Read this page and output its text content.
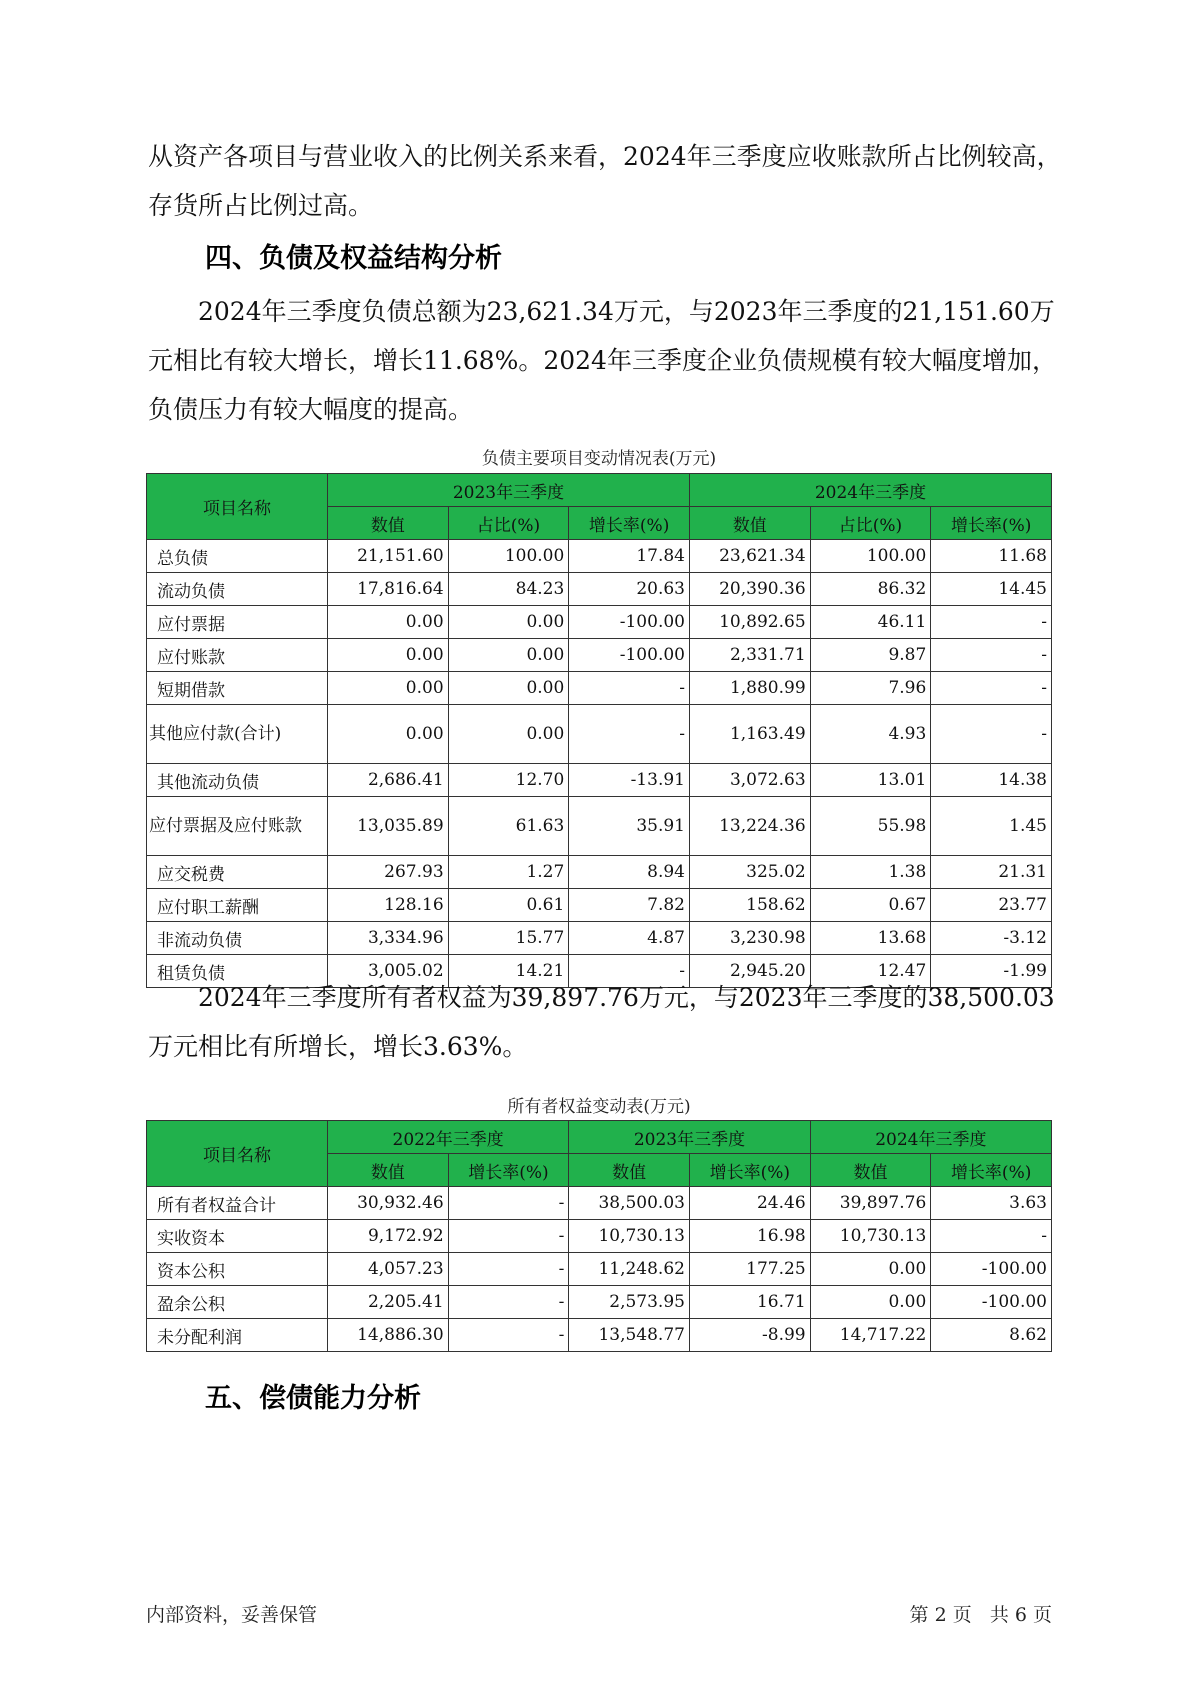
从资产各项目与营业收入的比例关系来看，2024年三季度应收账款所占比例较高，存货所占比例过高。

四、负债及权益结构分析

2024年三季度负债总额为23,621.34万元，与2023年三季度的21,151.60万元相比有较大增长，增长11.68%。2024年三季度企业负债规模有较大幅度增加，负债压力有较大幅度的提高。

负债主要项目变动情况表(万元)
项目名称	2023年三季度			2024年三季度		
	数值	占比(%)	增长率(%)	数值	占比(%)	增长率(%)
总负债	21,151.60	100.00	17.84	23,621.34	100.00	11.68
流动负债	17,816.64	84.23	20.63	20,390.36	86.32	14.45
应付票据	0.00	0.00	-100.00	10,892.65	46.11	-
应付账款	0.00	0.00	-100.00	2,331.71	9.87	-
短期借款	0.00	0.00	-	1,880.99	7.96	-
其他应付款(合计)	0.00	0.00	-	1,163.49	4.93	-
其他流动负债	2,686.41	12.70	-13.91	3,072.63	13.01	14.38
应付票据及应付账款	13,035.89	61.63	35.91	13,224.36	55.98	1.45
应交税费	267.93	1.27	8.94	325.02	1.38	21.31
应付职工薪酬	128.16	0.61	7.82	158.62	0.67	23.77
非流动负债	3,334.96	15.77	4.87	3,230.98	13.68	-3.12
租赁负债	3,005.02	14.21	-	2,945.20	12.47	-1.99

2024年三季度所有者权益为39,897.76万元，与2023年三季度的38,500.03万元相比有所增长，增长3.63%。

所有者权益变动表(万元)
项目名称	2022年三季度		2023年三季度		2024年三季度	
	数值	增长率(%)	数值	增长率(%)	数值	增长率(%)
所有者权益合计	30,932.46	-	38,500.03	24.46	39,897.76	3.63
实收资本	9,172.92	-	10,730.13	16.98	10,730.13	-
资本公积	4,057.23	-	11,248.62	177.25	0.00	-100.00
盈余公积	2,205.41	-	2,573.95	16.71	0.00	-100.00
未分配利润	14,886.30	-	13,548.77	-8.99	14,717.22	8.62
五、偿债能力分析
内部资料，妥善保管	第 2 页   共 6 页
